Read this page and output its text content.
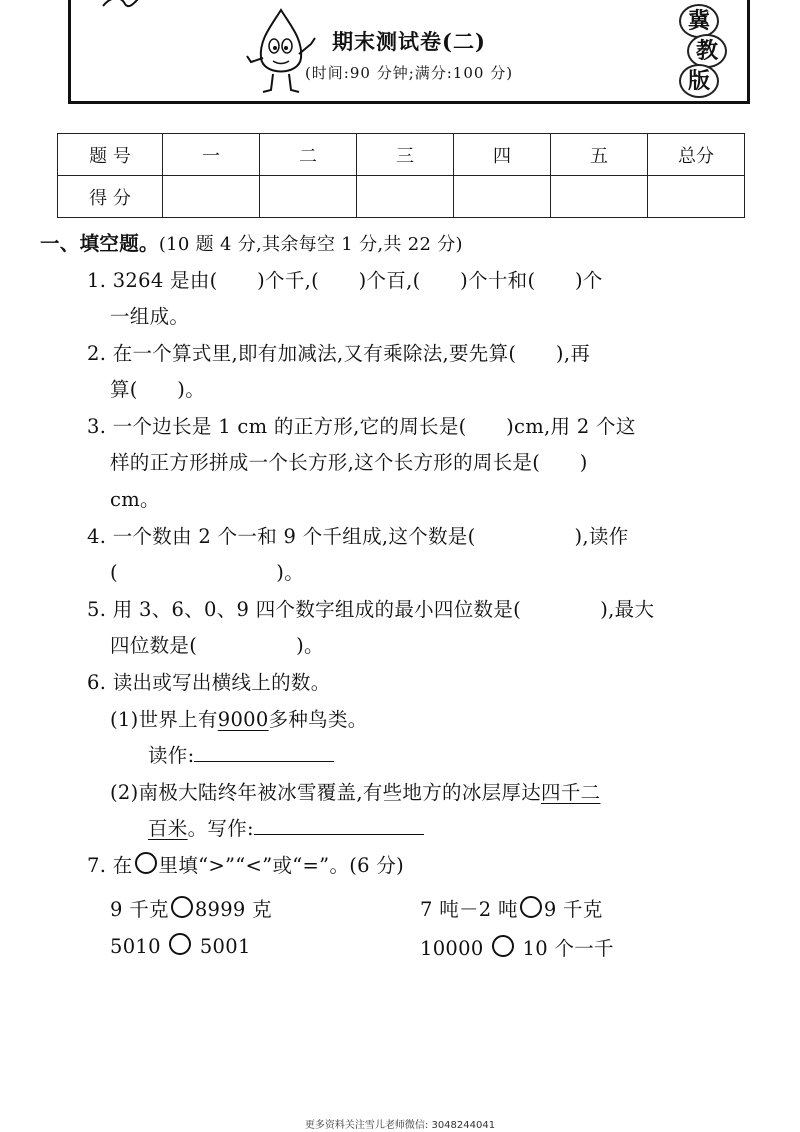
期末测试卷(二)
(时间:90 分钟;满分:100 分)
冀
教
版
题 号	一	二	三	四	五	总分
得 分						
一、填空题。(10 题 4 分,其余每空 1 分,共 22 分)
1. 3264 是由(　　)个千,(　　)个百,(　　)个十和(　　)个
一组成。
2. 在一个算式里,即有加减法,又有乘除法,要先算(　　),再
算(　　)。
3. 一个边长是 1 cm 的正方形,它的周长是(　　)cm,用 2 个这
样的正方形拼成一个长方形,这个长方形的周长是(　　)
cm。
4. 一个数由 2 个一和 9 个千组成,这个数是(　　　　　),读作
(　　　　　　　　)。
5. 用 3、6、0、9 四个数字组成的最小四位数是(　　　　),最大
四位数是(　　　　　)。
6. 读出或写出横线上的数。
(1)世界上有9000多种鸟类。
读作:
(2)南极大陆终年被冰雪覆盖,有些地方的冰层厚达四千二
百米。写作:
7. 在 里填“>”“<”或“=”。(6 分)
9 千克 8999 克	7 吨－2 吨 9 千克
5010 5001	10000 10 个一千
更多资料关注雪儿老师微信: 3048244041
